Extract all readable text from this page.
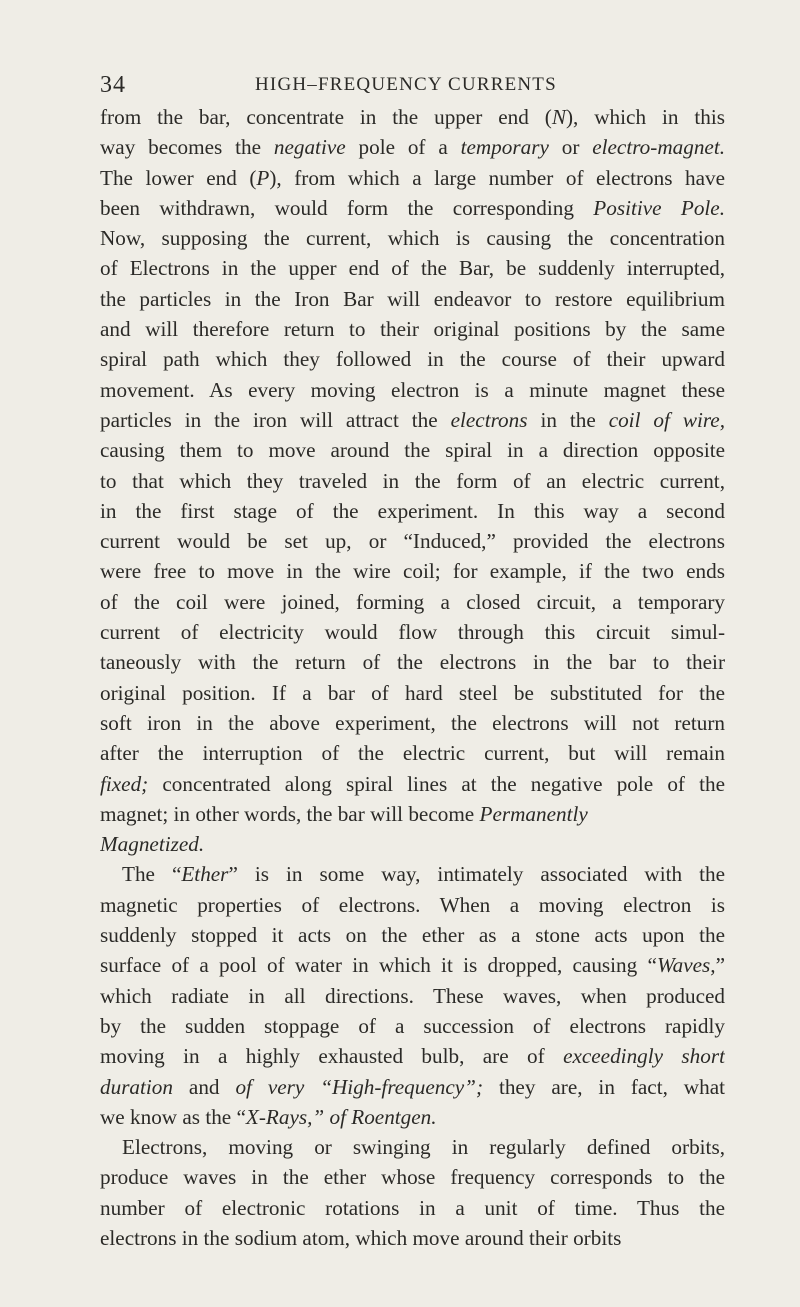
34	HIGH–FREQUENCY CURRENTS
from the bar, concentrate in the upper end (N), which in this
way becomes the negative pole of a temporary or electro-magnet.
The lower end (P), from which a large number of electrons have
been withdrawn, would form the corresponding Positive Pole.
Now, supposing the current, which is causing the concentration
of Electrons in the upper end of the Bar, be suddenly interrupted,
the particles in the Iron Bar will endeavor to restore equilibrium
and will therefore return to their original positions by the same
spiral path which they followed in the course of their upward
movement. As every moving electron is a minute magnet these
particles in the iron will attract the electrons in the coil of wire,
causing them to move around the spiral in a direction opposite
to that which they traveled in the form of an electric current,
in the first stage of the experiment. In this way a second
current would be set up, or “Induced,” provided the electrons
were free to move in the wire coil; for example, if the two ends
of the coil were joined, forming a closed circuit, a temporary
current of electricity would flow through this circuit simul-
taneously with the return of the electrons in the bar to their
original position. If a bar of hard steel be substituted for the
soft iron in the above experiment, the electrons will not return
after the interruption of the electric current, but will remain
fixed; concentrated along spiral lines at the negative pole of the
magnet; in other words, the bar will become Permanently
Magnetized.
The “Ether” is in some way, intimately associated with the
magnetic properties of electrons. When a moving electron is
suddenly stopped it acts on the ether as a stone acts upon the
surface of a pool of water in which it is dropped, causing “Waves,”
which radiate in all directions. These waves, when produced
by the sudden stoppage of a succession of electrons rapidly
moving in a highly exhausted bulb, are of exceedingly short
duration and of very “High-frequency”; they are, in fact, what
we know as the “X-Rays,” of Roentgen.
Electrons, moving or swinging in regularly defined orbits,
produce waves in the ether whose frequency corresponds to the
number of electronic rotations in a unit of time. Thus the
electrons in the sodium atom, which move around their orbits
